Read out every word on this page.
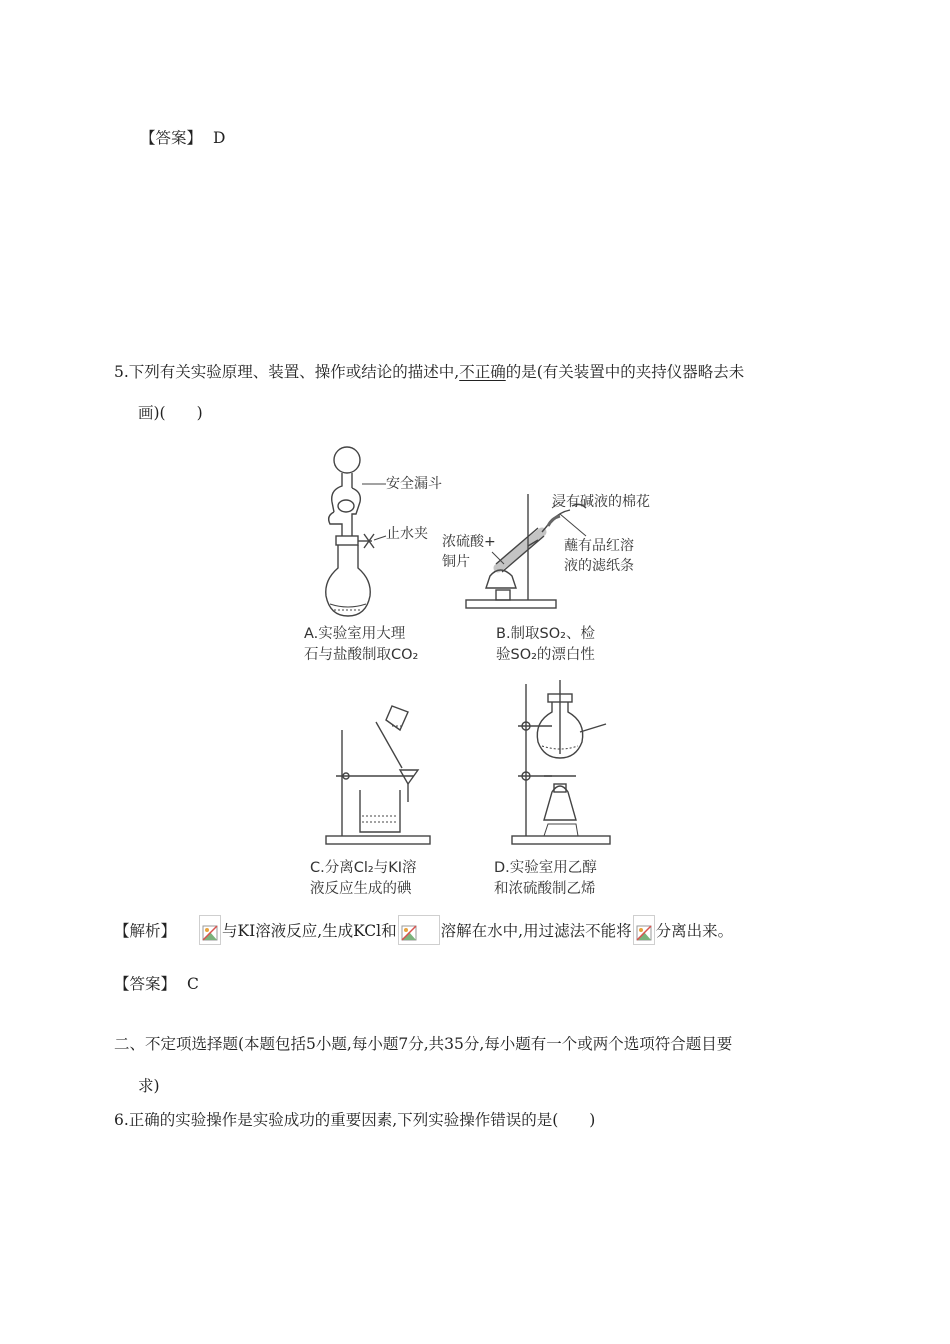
【答案】 D
5.下列有关实验原理、装置、操作或结论的描述中,不正确的是(有关装置中的夹持仪器略去未
画)(　　)
安全漏斗
止水夹
A.实验室用大理
石与盐酸制取CO₂
浸有碱液的棉花
浓硫酸+
铜片
蘸有品红溶
液的滤纸条
B.制取SO₂、检
验SO₂的漂白性
C.分离Cl₂与KI溶
液反应生成的碘
D.实验室用乙醇
和浓硫酸制乙烯
【解析】	与KI溶液反应,生成KCl和	溶解在水中,用过滤法不能将 分离出来。
【答案】 C
二、不定项选择题(本题包括5小题,每小题7分,共35分,每小题有一个或两个选项符合题目要
求)
6.正确的实验操作是实验成功的重要因素,下列实验操作错误的是(　　)
